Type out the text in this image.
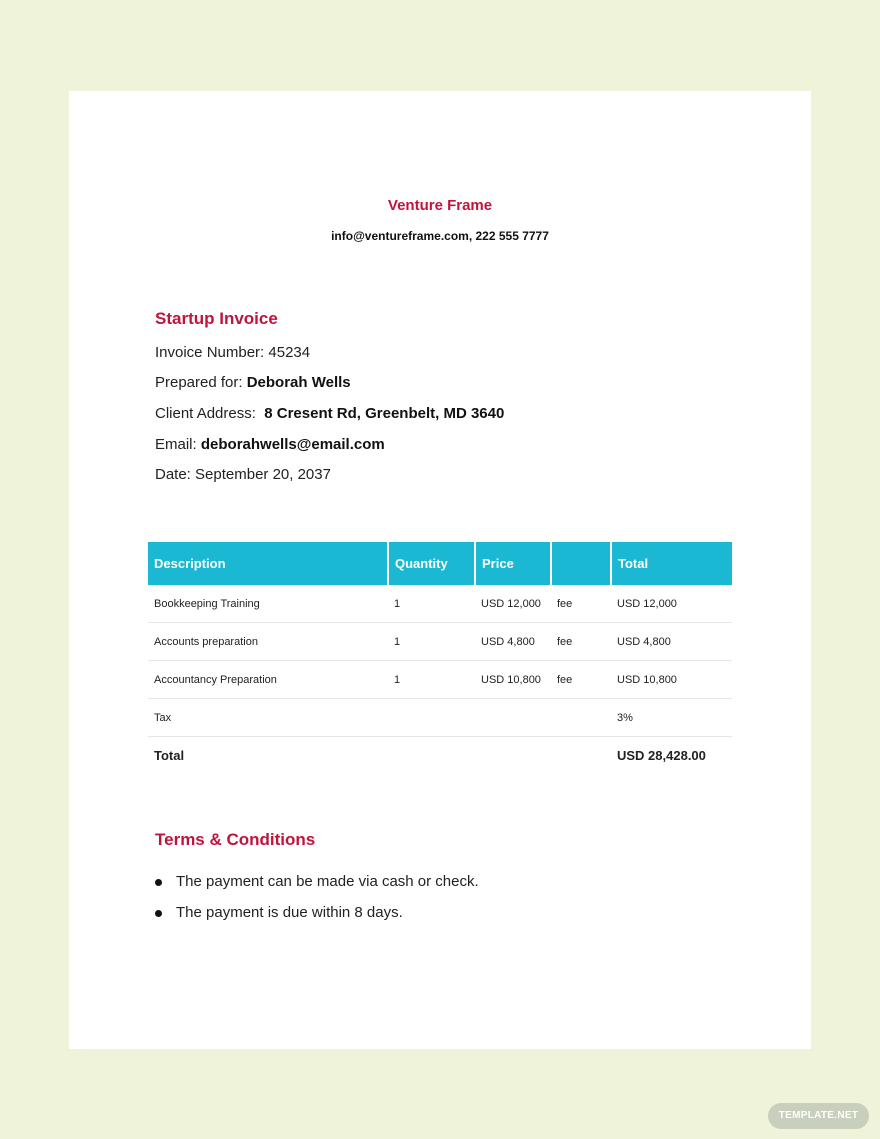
Venture Frame
info@ventureframe.com, 222 555 7777
Startup Invoice
Invoice Number: 45234
Prepared for: Deborah Wells
Client Address: 8 Cresent Rd, Greenbelt, MD 3640
Email: deborahwells@email.com
Date: September 20, 2037
Description	Quantity	Price		Total
Bookkeeping Training	1	USD 12,000	fee	USD 12,000
Accounts preparation	1	USD 4,800	fee	USD 4,800
Accountancy Preparation	1	USD 10,800	fee	USD 10,800
Tax				3%
Total				USD 28,428.00
Terms & Conditions
The payment can be made via cash or check.
The payment is due within 8 days.
TEMPLATE.NET
